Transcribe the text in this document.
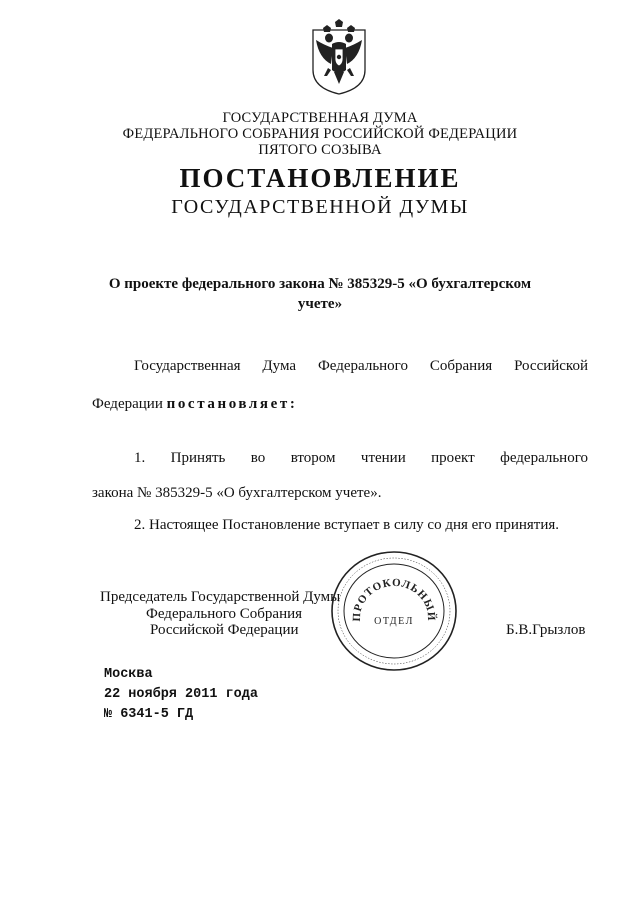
ГОСУДАРСТВЕННАЯ ДУМА
ФЕДЕРАЛЬНОГО СОБРАНИЯ РОССИЙСКОЙ ФЕДЕРАЦИИ
ПЯТОГО СОЗЫВА
ПОСТАНОВЛЕНИЕ
ГОСУДАРСТВЕННОЙ ДУМЫ
О проекте федерального закона № 385329-5 «О бухгалтерском
учете»
Государственная Дума Федерального Собрания Российской
Федерации постановляет:
1. Принять во втором чтении проект федерального
закона № 385329-5 «О бухгалтерском учете».
2. Настоящее Постановление вступает в силу со дня его принятия.
Председатель Государственной Думы
Федерального Собрания
Российской Федерации	Б.В.Грызлов
ПРОТОКОЛЬНЫЙ
ОТДЕЛ
Москва
22 ноября 2011 года
№ 6341-5 ГД
